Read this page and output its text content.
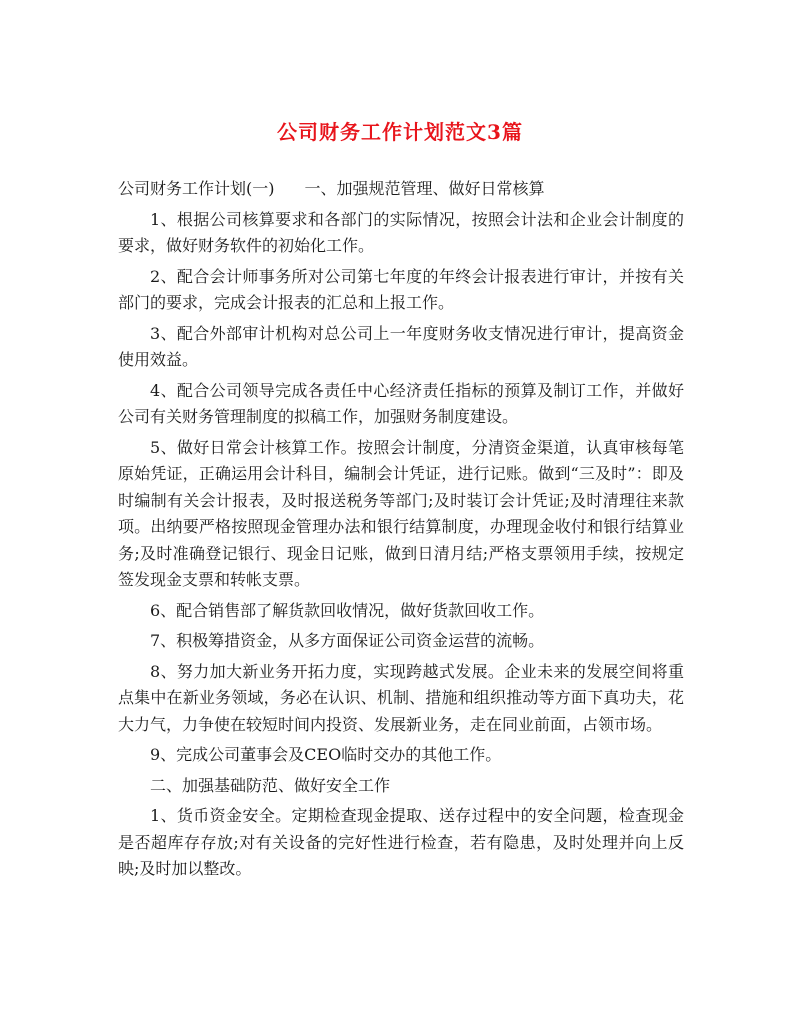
公司财务工作计划范文3篇

公司财务工作计划(一) 一、加强规范管理、做好日常核算

1、根据公司核算要求和各部门的实际情况，按照会计法和企业会计制度的要求，做好财务软件的初始化工作。

2、配合会计师事务所对公司第七年度的年终会计报表进行审计，并按有关部门的要求，完成会计报表的汇总和上报工作。

3、配合外部审计机构对总公司上一年度财务收支情况进行审计，提高资金使用效益。

4、配合公司领导完成各责任中心经济责任指标的预算及制订工作，并做好公司有关财务管理制度的拟稿工作，加强财务制度建设。

5、做好日常会计核算工作。按照会计制度，分清资金渠道，认真审核每笔原始凭证，正确运用会计科目，编制会计凭证，进行记账。做到“三及时”：即及时编制有关会计报表，及时报送税务等部门;及时装订会计凭证;及时清理往来款项。出纳要严格按照现金管理办法和银行结算制度，办理现金收付和银行结算业务;及时准确登记银行、现金日记账，做到日清月结;严格支票领用手续，按规定签发现金支票和转帐支票。

6、配合销售部了解货款回收情况，做好货款回收工作。

7、积极筹措资金，从多方面保证公司资金运营的流畅。

8、努力加大新业务开拓力度，实现跨越式发展。企业未来的发展空间将重点集中在新业务领域，务必在认识、机制、措施和组织推动等方面下真功夫，花大力气，力争使在较短时间内投资、发展新业务，走在同业前面，占领市场。

9、完成公司董事会及CEO临时交办的其他工作。

二、加强基础防范、做好安全工作

1、货币资金安全。定期检查现金提取、送存过程中的安全问题，检查现金是否超库存存放;对有关设备的完好性进行检查，若有隐患，及时处理并向上反映;及时加以整改。
